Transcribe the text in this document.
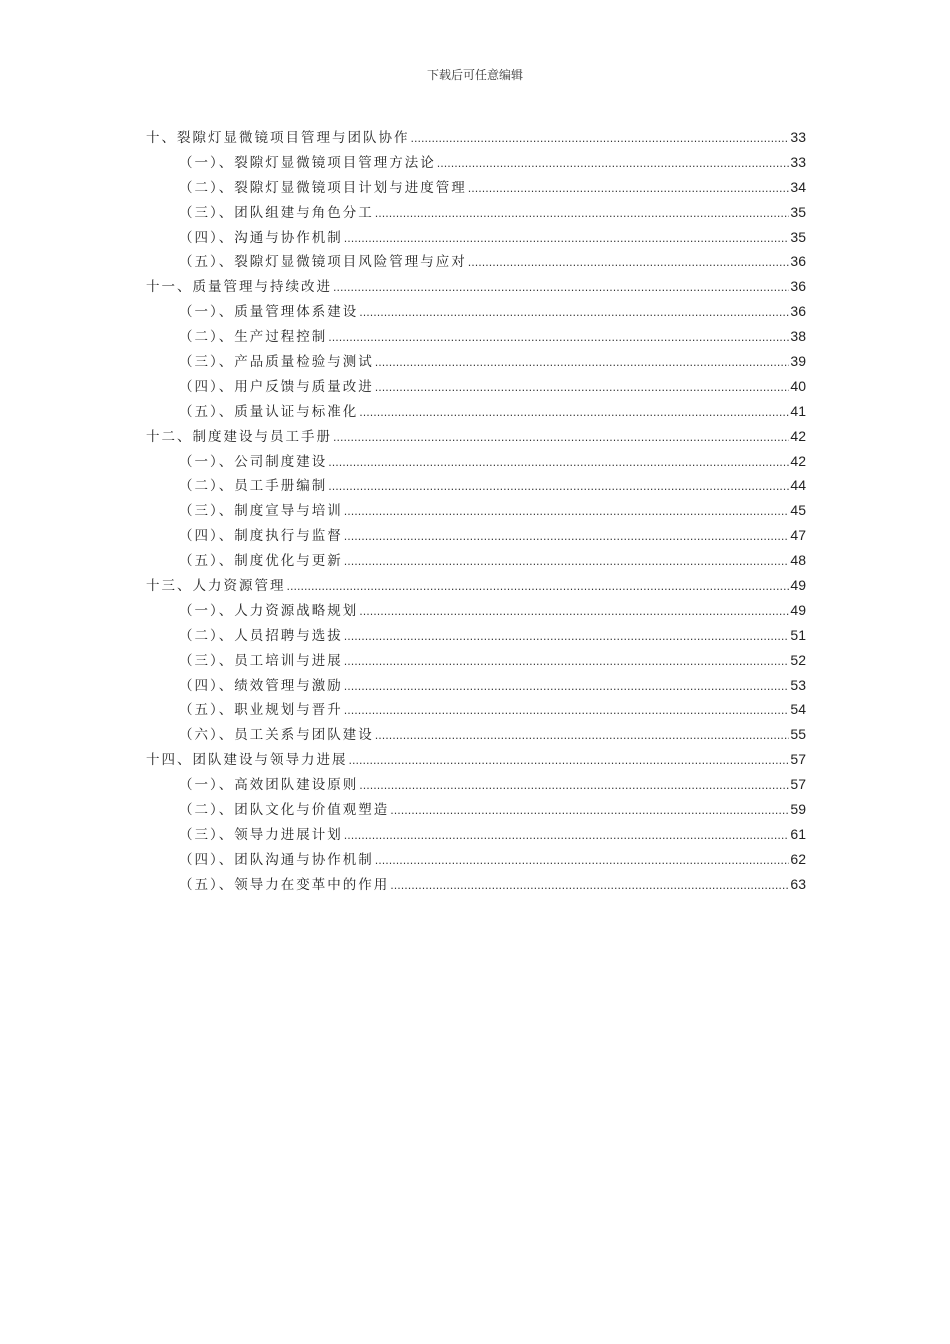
下载后可任意编辑
十、裂隙灯显微镜项目管理与团队协作 .....	33
（一）、裂隙灯显微镜项目管理方法论 .....	33
（二）、裂隙灯显微镜项目计划与进度管理 .....	34
（三）、团队组建与角色分工 .....	35
（四）、沟通与协作机制 .....	35
（五）、裂隙灯显微镜项目风险管理与应对 .....	36
十一、质量管理与持续改进 .....	36
（一）、质量管理体系建设 .....	36
（二）、生产过程控制 .....	38
（三）、产品质量检验与测试 .....	39
（四）、用户反馈与质量改进 .....	40
（五）、质量认证与标准化 .....	41
十二、制度建设与员工手册 .....	42
（一）、公司制度建设 .....	42
（二）、员工手册编制 .....	44
（三）、制度宣导与培训 .....	45
（四）、制度执行与监督 .....	47
（五）、制度优化与更新 .....	48
十三、人力资源管理 .....	49
（一）、人力资源战略规划 .....	49
（二）、人员招聘与选拔 .....	51
（三）、员工培训与进展 .....	52
（四）、绩效管理与激励 .....	53
（五）、职业规划与晋升 .....	54
（六）、员工关系与团队建设 .....	55
十四、团队建设与领导力进展 .....	57
（一）、高效团队建设原则 .....	57
（二）、团队文化与价值观塑造 .....	59
（三）、领导力进展计划 .....	61
（四）、团队沟通与协作机制 .....	62
（五）、领导力在变革中的作用 .....	63
